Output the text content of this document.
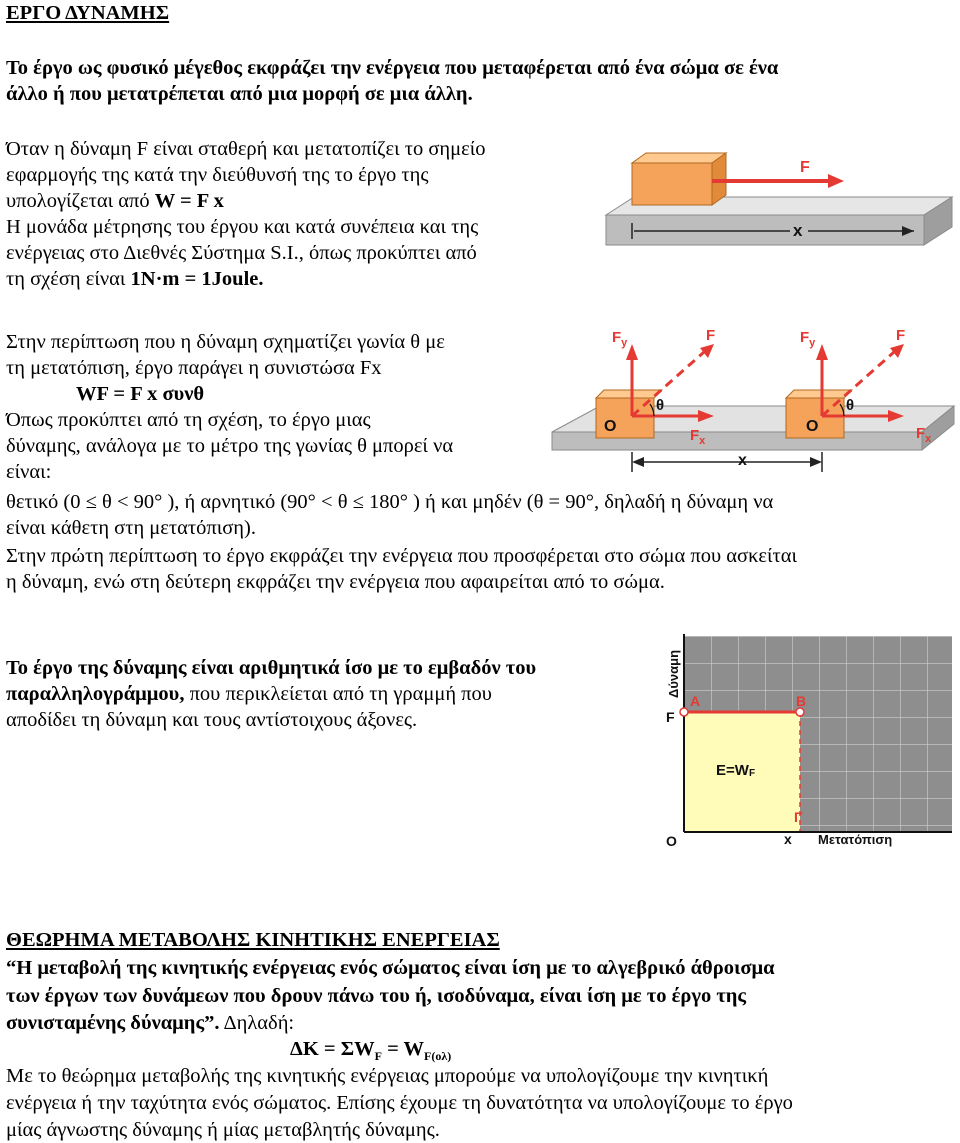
ΕΡΓΟ ΔΥΝΑΜΗΣ
Το έργο ως φυσικό μέγεθος εκφράζει την ενέργεια που μεταφέρεται από ένα σώμα σε ένα
άλλο ή που μετατρέπεται από μια μορφή σε μια άλλη.
Όταν η δύναμη F είναι σταθερή και μετατοπίζει το σημείο
εφαρμογής της κατά την διεύθυνσή της το έργο της
υπολογίζεται από W = F x
Η μονάδα μέτρησης του έργου και κατά συνέπεια και της
ενέργειας στο Διεθνές Σύστημα S.I., όπως προκύπτει από
τη σχέση είναι 1N·m = 1Joule.
F
x
Στην περίπτωση που η δύναμη σχηματίζει γωνία θ με
τη μετατόπιση, έργο παράγει η συνιστώσα Fx
WF = F x συνθ
Όπως προκύπτει από τη σχέση, το έργο μιας
δύναμης, ανάλογα με το μέτρο της γωνίας θ μπορεί να
είναι:
θετικό (0 ≤ θ < 90° ), ή αρνητικό (90° < θ ≤ 180° ) ή και μηδέν (θ = 90°, δηλαδή η δύναμη να
είναι κάθετη στη μετατόπιση).
Στην πρώτη περίπτωση το έργο εκφράζει την ενέργεια που προσφέρεται στο σώμα που ασκείται
η δύναμη, ενώ στη δεύτερη εκφράζει την ενέργεια που αφαιρείται από το σώμα.
O
θ
$F_y$	F
$F_x$
O
θ
$F_y$	F
$F_x$
x
Το έργο της δύναμης είναι αριθμητικά ίσο με το εμβαδόν του
παραλληλογράμμου, που περικλείεται από τη γραμμή που
αποδίδει τη δύναμη και τους αντίστοιχους άξονες.
A	B
Γ
E=WF
F
O	x Μετατόπιση
Δύναμη
ΘΕΩΡΗΜΑ ΜΕΤΑΒΟΛΗΣ ΚΙΝΗΤΙΚΗΣ ΕΝΕΡΓΕΙΑΣ
“Η μεταβολή της κινητικής ενέργειας ενός σώματος είναι ίση με το αλγεβρικό άθροισμα
των έργων των δυνάμεων που δρουν πάνω του ή, ισοδύναμα, είναι ίση με το έργο της
συνισταμένης δύναμης”. Δηλαδή:
$\Delta K = \Sigma W_F = W_{F(o\lambda)}$
Με το θεώρημα μεταβολής της κινητικής ενέργειας μπορούμε να υπολογίζουμε την κινητική
ενέργεια ή την ταχύτητα ενός σώματος. Επίσης έχουμε τη δυνατότητα να υπολογίζουμε το έργο
μίας άγνωστης δύναμης ή μίας μεταβλητής δύναμης.
